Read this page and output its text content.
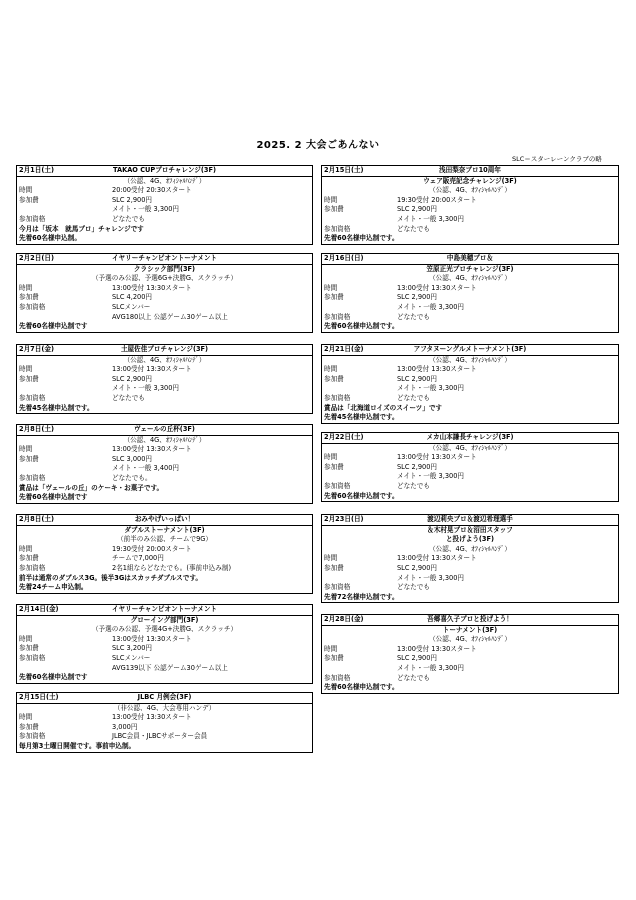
2025. 2 大会ごあんない
SLC＝スターレーンクラブの略
2月1日(土)	TAKAO CUPプロチャレンジ(3F)
（公認、4G、ｵﾌｨｼｬﾙﾊﾝﾃﾞ）
時間	20:00受付 20:30スタート
参加費	SLC 2,900円
メイト・一般 3,300円
参加資格	どなたでも
今月は「坂本　就馬プロ」チャレンジです
先着60名様申込制。
2月2日(日)	イヤリーチャンピオントーナメント
クラシック部門(3F)
（予選のみ公認、予選6G+決勝G、スクラッチ）
時間	13:00受付 13:30スタート
参加費	SLC 4,200円
参加資格	SLCメンバー
AVG180以上 公認ゲーム30ゲーム以上
先着60名様申込制です
2月7日(金)	土屋佐佳プロチャレンジ(3F)
（公認、4G、ｵﾌｨｼｬﾙﾊﾝﾃﾞ）
時間	13:00受付 13:30スタート
参加費	SLC 2,900円
メイト・一般 3,300円
参加資格	どなたでも
先着45名様申込制です。
2月8日(土)	ヴェールの丘杯(3F)
（公認、4G、ｵﾌｨｼｬﾙﾊﾝﾃﾞ）
時間	13:00受付 13:30スタート
参加費	SLC 3,000円
メイト・一般 3,400円
参加資格	どなたでも。
賞品は「ヴェールの丘」のケーキ・お菓子です。
先着60名様申込制です
2月8日(土)	おみやげいっぱい！
ダブルストーナメント(3F)
（前半のみ公認、チームで9G）
時間	19:30受付 20:00スタート
参加費	チームで7,000円
参加資格	2名1組ならどなたでも。(事前申込み制)
前半は通常のダブルス3G。後半3Gはスカッチダブルスです。
先着24チーム申込制。
2月14日(金)	イヤリーチャンピオントーナメント
グローイング部門(3F)
（予選のみ公認、予選4G+決勝G、スクラッチ）
時間	13:00受付 13:30スタート
参加費	SLC 3,200円
参加資格	SLCメンバー
AVG139以下 公認ゲーム30ゲーム以上
先着60名様申込制です
2月15日(土)	JLBC 月例会(3F)
（非公認、4G、大会専用ハンデ）
時間	13:00受付 13:30スタート
参加費	3,000円
参加資格	JLBC会員・JLBCサポーター会員
毎月第3土曜日開催です。事前申込制。
2月15日(土)	浅田梨奈プロ10周年
ウェア販売記念チャレンジ(3F)
（公認、4G、ｵﾌｨｼｬﾙﾊﾝﾃﾞ）
時間	19:30受付 20:00スタート
参加費	SLC 2,900円
メイト・一般 3,300円
参加資格	どなたでも
先着60名様申込制です。
2月16日(日)	中島美穂プロ＆
笠原正光プロチャレンジ(3F)
（公認、4G、ｵﾌｨｼｬﾙﾊﾝﾃﾞ）
時間	13:00受付 13:30スタート
参加費	SLC 2,900円
メイト・一般 3,300円
参加資格	どなたでも
先着60名様申込制です。
2月21日(金)	アフタヌーングルメトーナメント(3F)
（公認、4G、ｵﾌｨｼｬﾙﾊﾝﾃﾞ）
時間	13:00受付 13:30スタート
参加費	SLC 2,900円
メイト・一般 3,300円
参加資格	どなたでも
賞品は「北海道ロイズのスイーツ」です
先着45名様申込制です。
2月22日(土)	メカ山本謙長チャレンジ(3F)
（公認、4G、ｵﾌｨｼｬﾙﾊﾝﾃﾞ）
時間	13:00受付 13:30スタート
参加費	SLC 2,900円
メイト・一般 3,300円
参加資格	どなたでも
先着60名様申込制です。
2月23日(日)	渡辺莉央プロ＆渡辺希理選手
＆木村晃プロ＆沼田スタッフ
と投げよう(3F)
（公認、4G、ｵﾌｨｼｬﾙﾊﾝﾃﾞ）
時間	13:00受付 13:30スタート
参加費	SLC 2,900円
メイト・一般 3,300円
参加資格	どなたでも
先着72名様申込制です。
2月28日(金)	吾郷喜久子プロと投げよう！
トーナメント(3F)
（公認、4G、ｵﾌｨｼｬﾙﾊﾝﾃﾞ）
時間	13:00受付 13:30スタート
参加費	SLC 2,900円
メイト・一般 3,300円
参加資格	どなたでも
先着60名様申込制です。
